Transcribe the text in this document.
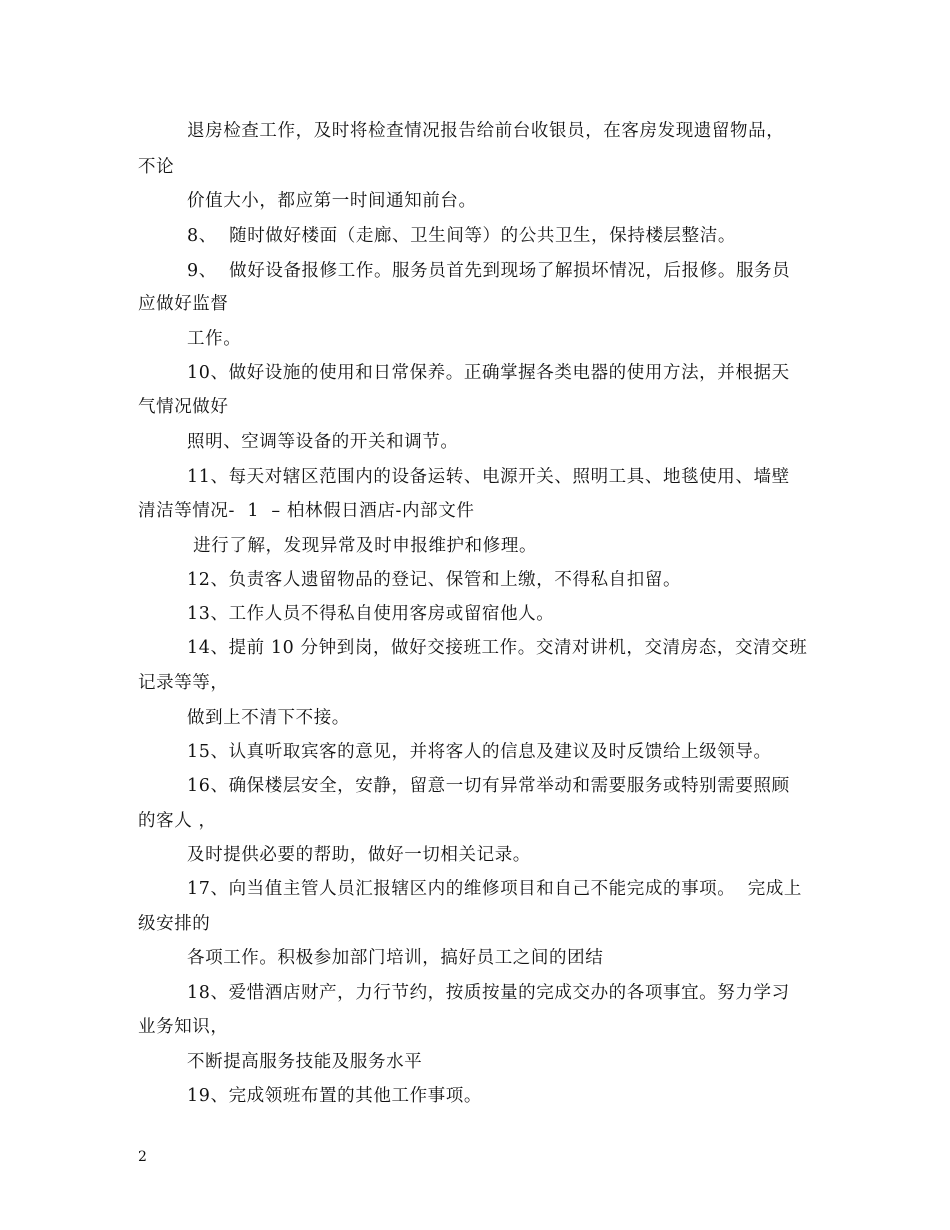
退房检查工作，及时将检查情况报告给前台收银员，在客房发现遗留物品，
不论
价值大小，都应第一时间通知前台。
8、  随时做好楼面（走廊、卫生间等）的公共卫生，保持楼层整洁。
9、  做好设备报修工作。服务员首先到现场了解损坏情况，后报修。服务员
应做好监督
工作。
10、做好设施的使用和日常保养。正确掌握各类电器的使用方法，并根据天
气情况做好
照明、空调等设备的开关和调节。
11、每天对辖区范围内的设备运转、电源开关、照明工具、地毯使用、墙壁
清洁等情况-  1  – 柏林假日酒店-内部文件
进行了解，发现异常及时申报维护和修理。
12、负责客人遗留物品的登记、保管和上缴，不得私自扣留。
13、工作人员不得私自使用客房或留宿他人。
14、提前 10 分钟到岗，做好交接班工作。交清对讲机，交清房态，交清交班
记录等等，
做到上不清下不接。
15、认真听取宾客的意见，并将客人的信息及建议及时反馈给上级领导。
16、确保楼层安全，安静，留意一切有异常举动和需要服务或特别需要照顾
的客人 ，
及时提供必要的帮助，做好一切相关记录。
17、向当值主管人员汇报辖区内的维修项目和自己不能完成的事项。  完成上
级安排的
各项工作。积极参加部门培训，搞好员工之间的团结
18、爱惜酒店财产，力行节约，按质按量的完成交办的各项事宜。努力学习
业务知识，
不断提高服务技能及服务水平
19、完成领班布置的其他工作事项。
2
